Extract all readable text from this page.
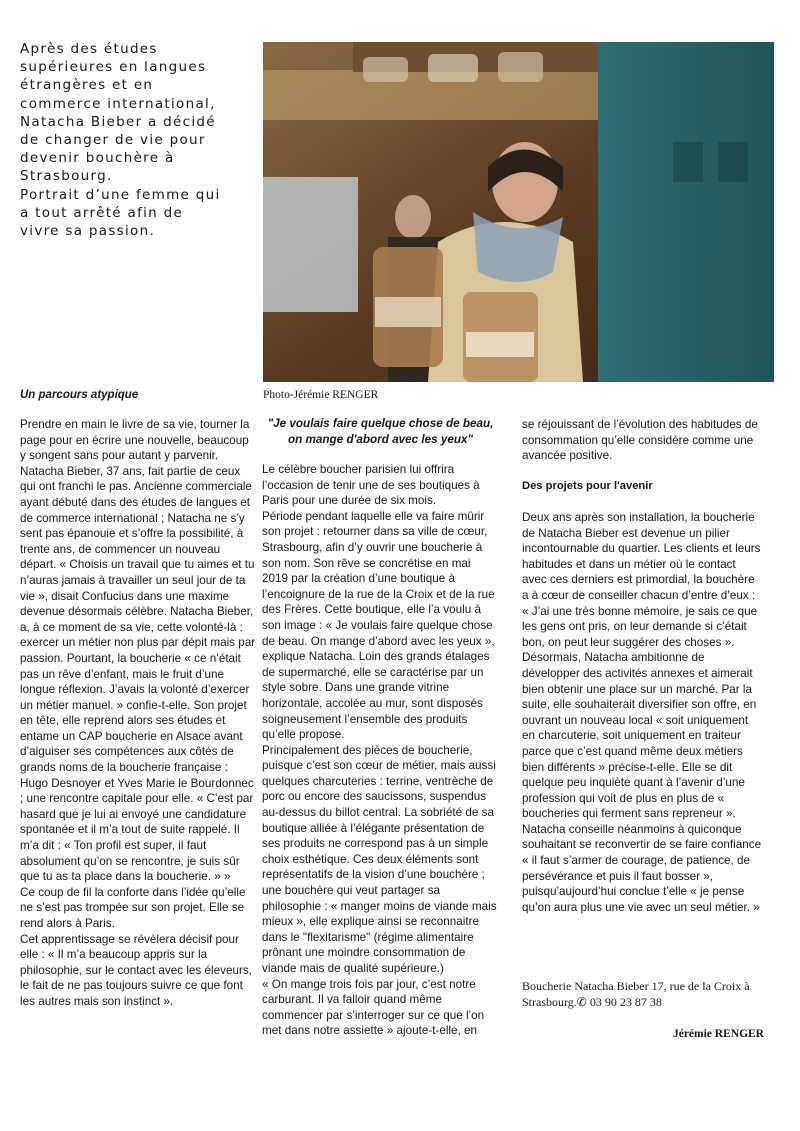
Après des études
supérieures en langues
étrangères et en
commerce international,
Natacha Bieber a décidé
de changer de vie pour
devenir bouchère à
Strasbourg.
Portrait d’une femme qui
a tout arrêté afin de
vivre sa passion.
Photo-Jérémie RENGER
Un parcours atypique

Prendre en main le livre de sa vie, tourner la page pour en écrire une nouvelle, beaucoup y songent sans pour autant y parvenir. Natacha Bieber, 37 ans, fait partie de ceux qui ont franchi le pas. Ancienne commerciale ayant débuté dans des études de langues et de commerce international ; Natacha ne s’y sent pas épanouie et s’offre la possibilité, à trente ans, de commencer un nouveau départ. « Choisis un travail que tu aimes et tu n’auras jamais à travailler un seul jour de ta vie », disait Confucius dans une maxime devenue désormais célèbre. Natacha Bieber, a, à ce moment de sa vie, cette volonté-là : exercer un métier non plus par dépit mais par passion. Pourtant, la boucherie « ce n’était pas un rêve d’enfant, mais le fruit d’une longue réflexion. J’avais la volonté d’exercer un métier manuel. » confie-t-elle. Son projet en tête, elle reprend alors ses études et entame un CAP boucherie en Alsace avant d’aiguiser ses compétences aux côtés de grands noms de la boucherie française : Hugo Desnoyer et Yves Marie le Bourdonnec ; une rencontre capitale pour elle. « C’est par hasard que je lui ai envoyé une candidature spontanée et il m’a tout de suite rappelé. Il m’a dit : « Ton profil est super, il faut absolument qu’on se rencontre, je suis sûr que tu as ta place dans la boucherie. » »

Ce coup de fil la conforte dans l’idée qu’elle ne s’est pas trompée sur son projet. Elle se rend alors à Paris.

Cet apprentissage se révèlera décisif pour elle : « Il m’a beaucoup appris sur la philosophie, sur le contact avec les éleveurs, le fait de ne pas toujours suivre ce que font les autres mais son instinct ».

"Je voulais faire quelque chose de beau, on mange d'abord avec les yeux"

Le célèbre boucher parisien lui offrira l’occasion de tenir une de ses boutiques à Paris pour une durée de six mois.

Période pendant laquelle elle va faire mûrir son projet : retourner dans sa ville de cœur, Strasbourg, afin d’y ouvrir une boucherie à son nom. Son rêve se concrétise en mai 2019 par la création d’une boutique à l’encoignure de la rue de la Croix et de la rue des Frères. Cette boutique, elle l’a voulu à son image : « Je voulais faire quelque chose de beau. On mange d’abord avec les yeux », explique Natacha. Loin des grands étalages de supermarché, elle se caractérise par un style sobre. Dans une grande vitrine horizontale, accolée au mur, sont disposés soigneusement l’ensemble des produits qu’elle propose.

Principalement des pièces de boucherie, puisque c’est son cœur de métier, mais aussi quelques charcuteries : terrine, ventrèche de porc ou encore des saucissons, suspendus au-dessus du billot central. La sobriété de sa boutique alliée à l’élégante présentation de ses produits ne correspond pas à un simple choix esthétique. Ces deux éléments sont représentatifs de la vision d’une bouchère ; une bouchère qui veut partager sa philosophie : « manger moins de viande mais mieux », elle explique ainsi se reconnaitre dans le "flexitarisme" (régime alimentaire prônant une moindre consommation de viande mais de qualité supérieure.)

« On mange trois fois par jour, c’est notre carburant. Il va falloir quand même commencer par s’interroger sur ce que l’on met dans notre assiette » ajoute-t-elle, en

se réjouissant de l’évolution des habitudes de consommation qu’elle considère comme une avancée positive.

Des projets pour l'avenir

Deux ans après son installation, la boucherie de Natacha Bieber est devenue un pilier incontournable du quartier. Les clients et leurs habitudes et dans un métier où le contact avec ces derniers est primordial, la bouchère a à cœur de conseiller chacun d’entre d’eux : « J’ai une très bonne mémoire, je sais ce que les gens ont pris, on leur demande si c’était bon, on peut leur suggérer des choses ».

Désormais, Natacha ambitionne de développer des activités annexes et aimerait bien obtenir une place sur un marché. Par la suite, elle souhaiterait diversifier son offre, en ouvrant un nouveau local « soit uniquement en charcuterie, soit uniquement en traiteur parce que c’est quand même deux métiers bien différents » précise-t-elle. Elle se dit quelque peu inquiète quant à l’avenir d’une profession qui voit de plus en plus de « boucheries qui ferment sans repreneur ». Natacha conseille néanmoins à quiconque souhaitant se reconvertir de se faire confiance « il faut s’armer de courage, de patience, de persévérance et puis il faut bosser », puisqu’aujourd’hui conclue t’elle « je pense qu’on aura plus une vie avec un seul métier. »

Boucherie Natacha Bieber 17, rue de la Croix à Strasbourg.✆ 03 90 23 87 38
Jérémie RENGER
